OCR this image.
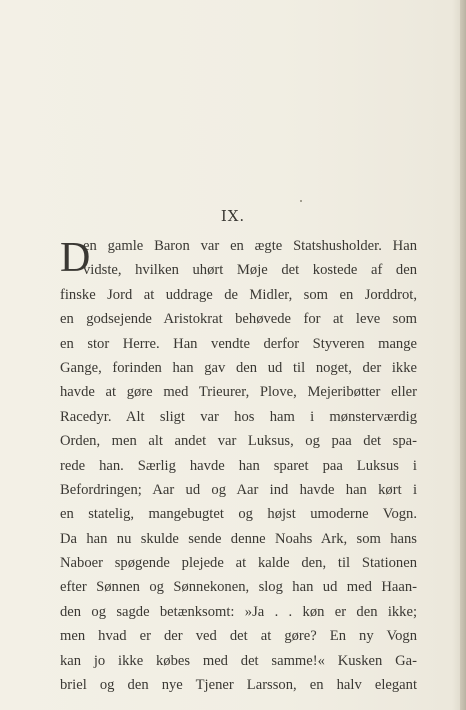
IX.
D
en gamle Baron var en ægte Statshusholder. Han
vidste, hvilken uhørt Møje det kostede af den
finske Jord at uddrage de Midler, som en Jorddrot,
en godsejende Aristokrat behøvede for at leve som
en stor Herre. Han vendte derfor Styveren mange
Gange, forinden han gav den ud til noget, der ikke
havde at gøre med Trieurer, Plove, Mejeribøtter eller
Racedyr. Alt sligt var hos ham i mønsterværdig
Orden, men alt andet var Luksus, og paa det spa-
rede han. Særlig havde han sparet paa Luksus i
Befordringen; Aar ud og Aar ind havde han kørt i
en statelig, mangebugtet og højst umoderne Vogn.
Da han nu skulde sende denne Noahs Ark, som hans
Naboer spøgende plejede at kalde den, til Stationen
efter Sønnen og Sønnekonen, slog han ud med Haan-
den og sagde betænksomt: »Ja . . køn er den ikke;
men hvad er der ved det at gøre? En ny Vogn
kan jo ikke købes med det samme!« Kusken Ga-
briel og den nye Tjener Larsson, en halv elegant
